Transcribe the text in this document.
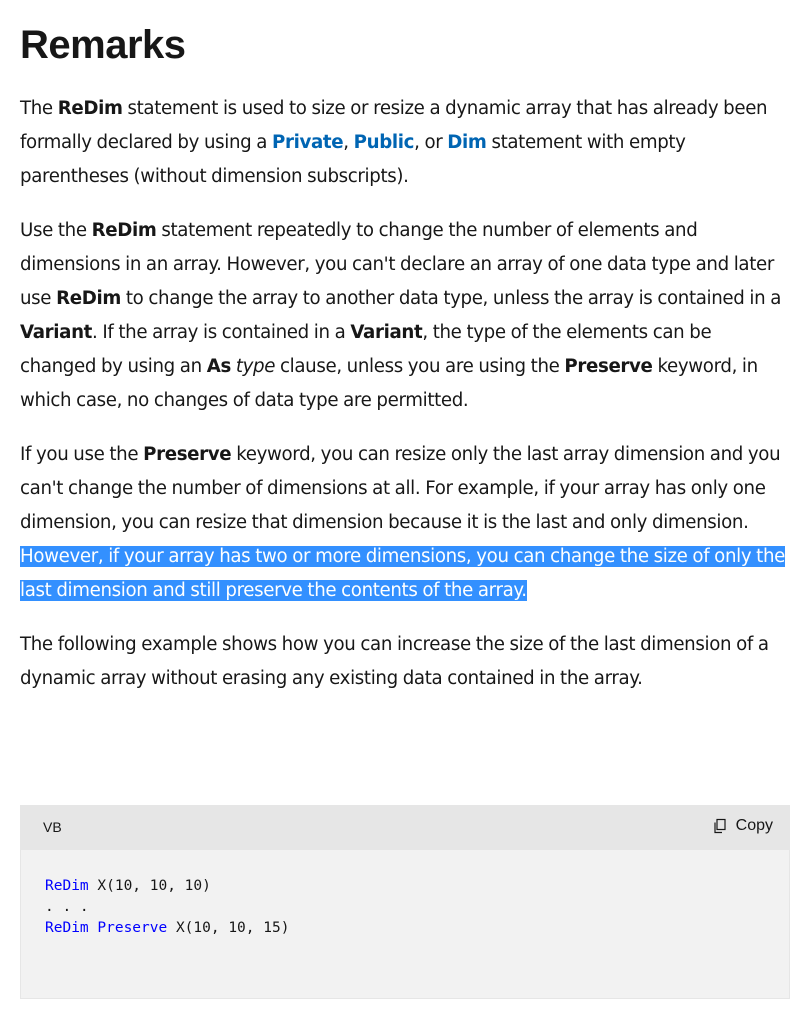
Remarks

The ReDim statement is used to size or resize a dynamic array that has already been formally declared by using a Private, Public, or Dim statement with empty parentheses (without dimension subscripts).

Use the ReDim statement repeatedly to change the number of elements and dimensions in an array. However, you can't declare an array of one data type and later use ReDim to change the array to another data type, unless the array is contained in a Variant. If the array is contained in a Variant, the type of the elements can be changed by using an As type clause, unless you are using the Preserve keyword, in which case, no changes of data type are permitted.

If you use the Preserve keyword, you can resize only the last array dimension and you can't change the number of dimensions at all. For example, if your array has only one dimension, you can resize that dimension because it is the last and only dimension. However, if your array has two or more dimensions, you can change the size of only the last dimension and still preserve the contents of the array.

The following example shows how you can increase the size of the last dimension of a dynamic array without erasing any existing data contained in the array.

VB	Copy
ReDim X(10, 10, 10)
. . .
ReDim Preserve X(10, 10, 15)
